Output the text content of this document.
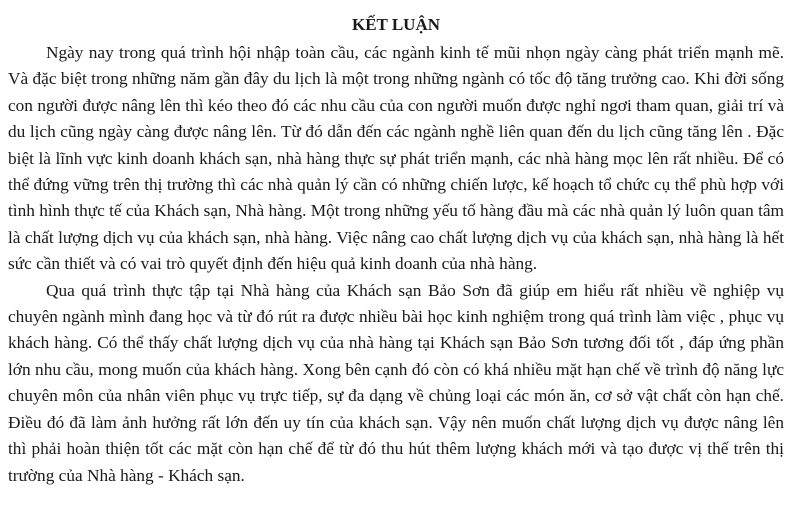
KẾT LUẬN

Ngày nay trong quá trình hội nhập toàn cầu, các ngành kinh tế mũi nhọn ngày càng phát triển mạnh mẽ. Và đặc biệt trong những năm gần đây du lịch là một trong những ngành có tốc độ tăng trưởng cao. Khi đời sống con người được nâng lên thì kéo theo đó các nhu cầu của con người muốn được nghỉ ngơi tham quan, giải trí và du lịch cũng ngày càng được nâng lên. Từ đó dẫn đến các ngành nghề liên quan đến du lịch cũng tăng lên . Đặc biệt là lĩnh vực kinh doanh khách sạn, nhà hàng thực sự phát triển mạnh, các nhà hàng mọc lên rất nhiều. Để có thể đứng vững trên thị trường thì các nhà quản lý cần có những chiến lược, kế hoạch tổ chức cụ thể phù hợp với tình hình thực tế của Khách sạn, Nhà hàng. Một trong những yếu tố hàng đầu mà các nhà quản lý luôn quan tâm là chất lượng dịch vụ của khách sạn, nhà hàng. Việc nâng cao chất lượng dịch vụ của khách sạn, nhà hàng là hết sức cần thiết và có vai trò quyết định đến hiệu quả kinh doanh của nhà hàng.

Qua quá trình thực tập tại Nhà hàng của Khách sạn Bảo Sơn đã giúp em hiểu rất nhiều về nghiệp vụ chuyên ngành mình đang học và từ đó rút ra được nhiều bài học kinh nghiệm trong quá trình làm việc , phục vụ khách hàng. Có thể thấy chất lượng dịch vụ của nhà hàng tại Khách sạn Bảo Sơn tương đối tốt , đáp ứng phần lớn nhu cầu, mong muốn của khách hàng. Xong bên cạnh đó còn có khá nhiều mặt hạn chế về trình độ năng lực chuyên môn của nhân viên phục vụ trực tiếp, sự đa dạng về chủng loại các món ăn, cơ sở vật chất còn hạn chế. Điều đó đã làm ảnh hưởng rất lớn đến uy tín của khách sạn. Vậy nên muốn chất lượng dịch vụ được nâng lên thì phải hoàn thiện tốt các mặt còn hạn chế để từ đó thu hút thêm lượng khách mới và tạo được vị thế trên thị trường của Nhà hàng - Khách sạn.
